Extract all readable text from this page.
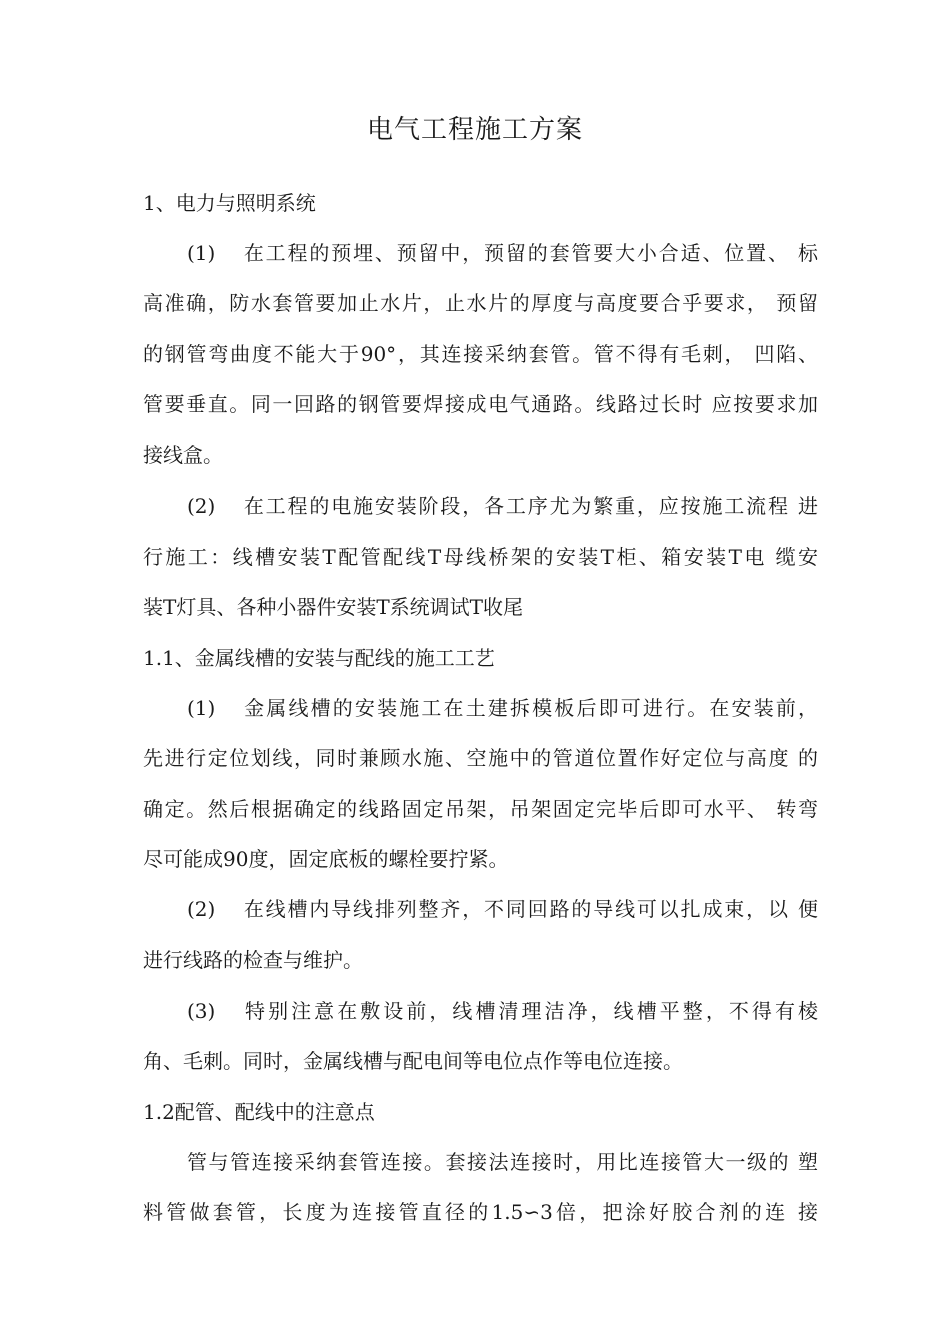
电气工程施工方案
1、电力与照明系统
(1) 在工程的预埋、预留中，预留的套管要大小合适、位置、 标
高准确，防水套管要加止水片，止水片的厚度与高度要合乎要求， 预留
的钢管弯曲度不能大于90°，其连接采纳套管。管不得有毛刺， 凹陷、
管要垂直。同一回路的钢管要焊接成电气通路。线路过长时 应按要求加
接线盒。
(2) 在工程的电施安装阶段，各工序尤为繁重，应按施工流程 进
行施工：线槽安装T配管配线T母线桥架的安装T柜、箱安装T电 缆安
装T灯具、各种小器件安装T系统调试T收尾
1.1、金属线槽的安装与配线的施工工艺
(1) 金属线槽的安装施工在土建拆模板后即可进行。在安装前，
先进行定位划线，同时兼顾水施、空施中的管道位置作好定位与高度 的
确定。然后根据确定的线路固定吊架，吊架固定完毕后即可水平、 转弯
尽可能成90度，固定底板的螺栓要拧紧。
(2) 在线槽内导线排列整齐，不同回路的导线可以扎成束，以 便
进行线路的检查与维护。
(3) 特别注意在敷设前，线槽清理洁净，线槽平整，不得有棱
角、毛刺。同时，金属线槽与配电间等电位点作等电位连接。
1.2配管、配线中的注意点
管与管连接采纳套管连接。套接法连接时，用比连接管大一级的 塑
料管做套管，长度为连接管直径的1.5∽3倍，把涂好胶合剂的连 接
